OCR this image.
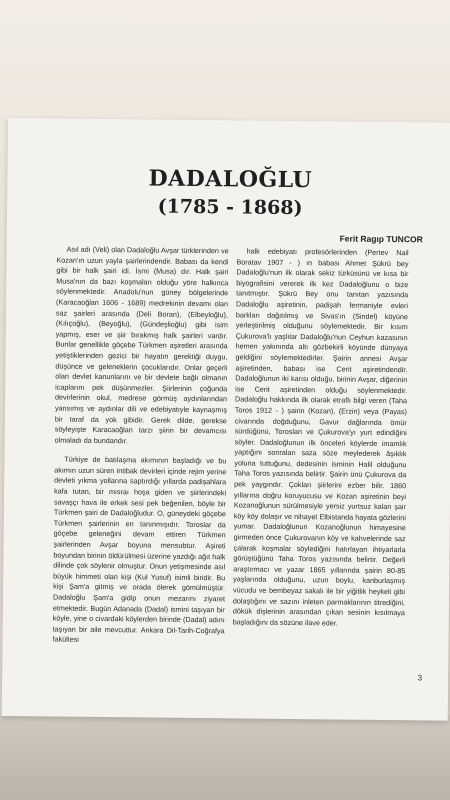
DADALOĞLU
(1785 - 1868)
Ferit Ragıp TUNCOR

Asıl adı (Veli) olan Dadaloğlu Avşar türklerinden ve Kozan'ın uzun yayla şairlerindendir. Babası da kendi gibi bir halk şairi idi. İsmi (Musa) dır. Halk şairi Musa'nın da bazı koşmaları olduğu yöre halkınca söylenmektedir. Anadolu'nun güney bölgelerinde (Karacaoğlan 1606 - 1689) medrekinin devamı olan saz şairleri arasında (Deli Boran), (Elbeyloğlu), (Kılıçoğlu), (Beyoğlu), (Gündeşlioğlu) gibi isim yapmış, eser ve şiir bırakmış halk şairleri vardır. Bunlar genellikle göçebe Türkmen aşiretleri arasında yetiştiklerinden gezici bir hayatın gerektiği duygu, düşünce ve geleneklerin çocuklarıdır. Onlar geçerli olan devlet kanunlarını ve bir devlete bağlı olmanın icaplarını pek düşünmezler. Şiirlerinin çoğunda devirlerinin okul, medrese görmüş aydınlarından yansımış ve aydınlar dili ve edebiyatıyle kaynaşmış bir taraf da yok gibidir. Gerek dilde, gerekse söyleyişte Karacaoğlan tarzı şiirin bir devamcısı olmaladı da bundandır.

Türkiye de batılaşma akımının başladığı ve bu akımın uzun süren intibak devirleri içinde rejim yerine devleti yıkma yollarına saptırdığı yıllarda padişahlara kafa tutan, bir mısraı hoşa giden ve şiirlerindeki savaşçı hava ile erkek sesi pek beğenilen, böyle bir Türkmen şairi de Dadaloğludur. O, güneydeki göçebe Türkmen şairlerinin en tanınmışıdır. Toroslar da göçebe geleneğini devam ettiren Türkmen şairlerinden Avşar boyuna mensubtur. Aşireti boyundan birinin öldürülmesi üzerine yazdığı ağıt halk dilinde çok söylenir olmuştur. Onun yetişmesinde asıl büyük himmeti olan kişi (Kul Yusuf) isimli biridir. Bu kişi Şam'a gitmiş ve orada ölerek gömülmüştür. Dadaloğlu Şam'a gidip onun mezarını ziyaret etmektedir. Bugün Adanada (Dadal) ismini taşıyan bir köyle, yine o civardaki köylerden birinde (Dadal) adını taşıyan bir aile mevcuttur. Ankara Dil-Tarih-Coğrafya fakültesi

halk edebiyatı profesörlerinden (Pertev Nail Boratav 1907 - ) ın babası Ahmet Şükrü bey Dadaloğlu'nun ilk olarak sekiz türküsünü ve kısa bir biyografisini vererek ilk kez Dadaloğlunu o bize tanıtmıştır. Şükrü Bey onu tanıtan yazısında Dadaloğlu aşiretinin, padişah fermaniyle evleri barkları dağıtılmış ve Sivas'ın (Sindel) köyüne yerleştirilmiş olduğunu söylemektedir. Bir kısım Çukurova'lı yaşlılar Dadaloğlu'nun Ceyhun kazasının hemen yakınında altı gözbekirli köyünde dünyaya geldiğini söylemektedirler. Şairin annesi Avşar aşiretinden, babası ise Cerit aşiretindendir. Dadaloğlunun iki karısı olduğu, birinin Avşar, diğerinin ise Cerit aşiretinden olduğu söylenmektedir. Dadaloğlu hakkında ilk olarak etraflı bilgi veren (Taha Toros 1912 - ) şairin (Kozan), (Erzin) veya (Payas) civarında doğduğunu, Gavur dağlarında ömür sürdüğünü, Toroslan ve Çukurova'yı yurt edindiğini söyler. Dadaloğlunun ilk önceleri köylerde imamlık yaptığını sonraları saza söze meylederek âşıklık yoluna tuttuğunu, dedesinin isminin Halil olduğunu Taha Toros yazısında belirtir. Şairin ünü Çukurova da pek yaygındır. Çokları şiirlerini ezber bilir. 1860 yıllarına doğru koruyucusu ve Kozan aşiretinin beyi Kozanoğlunun sürülmesiyle yersiz yurtsuz kalan şair köy köy dolaşır ve nihayet Elbistanda hayata gözlerini yumar. Dadaloğlunun Kozanoğlunun himayesine girmeden önce Çukurovanın köy ve kahvelerinde saz çalarak koşmalar söylediğini hatırlayan ihtiyarlarla görüştüğünü Taha Toros yazısında belirtir. Değerli araştırmacı ve yazar 1865 yıllarında şairin 80-85 yaşlarında olduğunu, uzun boylu, kanburlaşmış vücudu ve bembeyaz sakalı ile bir yiğitlik heykeli gibi dolaştığını ve sazını inleten parmaklarının titrediğini, dökük dişlerinin arasından çıkan sesinin kısılmaya başladığını da sözüne ilave eder.

3
